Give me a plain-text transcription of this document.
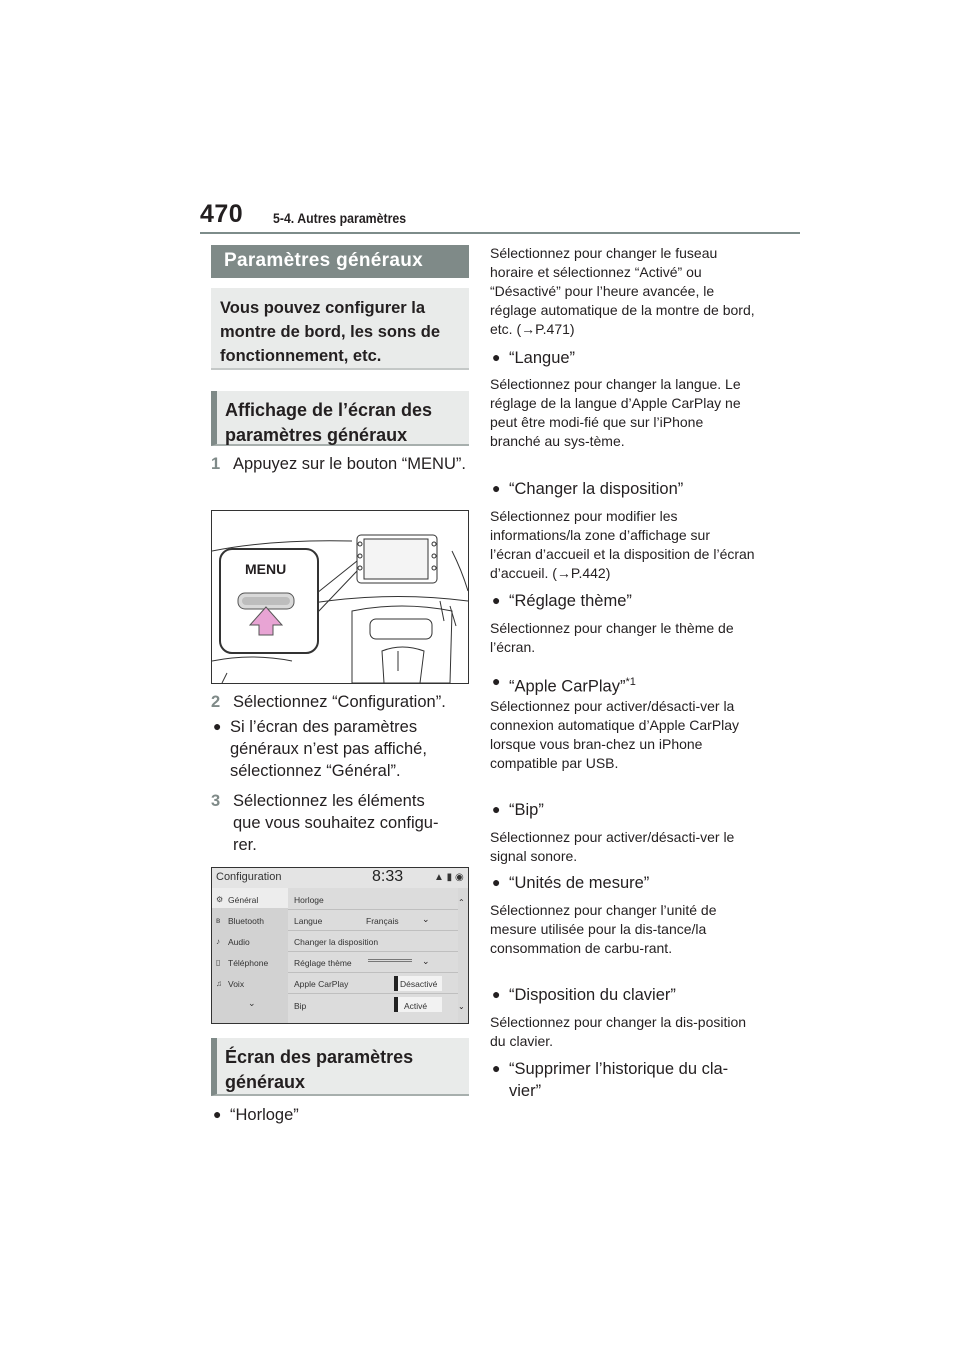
470 5-4. Autres paramètres
Paramètres généraux

Vous pouvez configurer la montre de bord, les sons de fonctionnement, etc.

Affichage de l’écran des paramètres généraux

1 Appuyez sur le bouton “MENU”.
MENU
2 Sélectionnez “Configuration”.
● Si l’écran des paramètres généraux n’est pas affiché, sélectionnez “Général”.
3 Sélectionnez les éléments que vous souhaitez configu-rer.
Configuration	8:33	▲ ▮ ◉
Général
Bluetooth
Audio
Téléphone
Voix
⌄
⚙
ʙ
♪
▯
♫
Horloge
Langue	Français	⌄
Changer la disposition
Réglage thème	⌄
Apple CarPlay	Désactivé
Bip	Activé
⌃
⌄

Écran des paramètres généraux

● “Horloge”
Sélectionnez pour changer le fuseau horaire et sélectionnez “Activé” ou “Désactivé” pour l’heure avancée, le réglage automatique de la montre de bord, etc. (→P.471)
● “Langue”
Sélectionnez pour changer la langue. Le réglage de la langue d’Apple CarPlay ne peut être modi-fié que sur l’iPhone branché au sys-tème.
● “Changer la disposition”
Sélectionnez pour modifier les informations/la zone d’affichage sur l’écran d’accueil et la disposition de l’écran d’accueil. (→P.442)
● “Réglage thème”
Sélectionnez pour changer le thème de l’écran.
● “Apple CarPlay”$^{*1}$
Sélectionnez pour activer/désacti-ver la connexion automatique d’Apple CarPlay lorsque vous bran-chez un iPhone compatible par USB.
● “Bip”
Sélectionnez pour activer/désacti-ver le signal sonore.
● “Unités de mesure”
Sélectionnez pour changer l’unité de mesure utilisée pour la dis-tance/la consommation de carbu-rant.
● “Disposition du clavier”
Sélectionnez pour changer la dis-position du clavier.
● “Supprimer l’historique du cla-vier”
